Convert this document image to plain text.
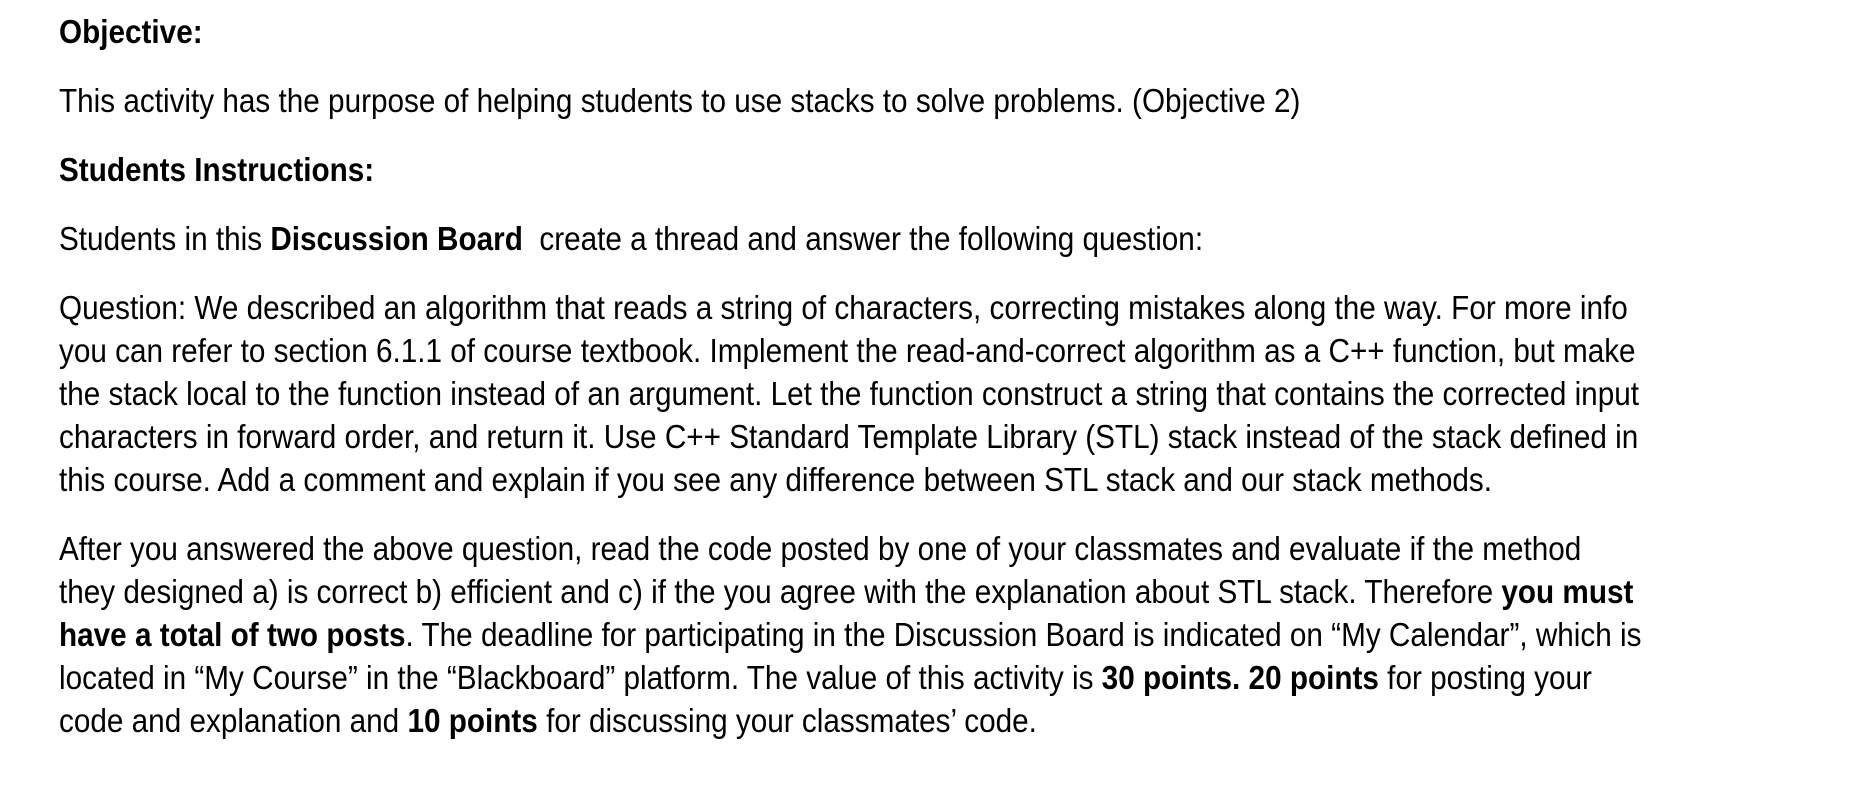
Objective:

This activity has the purpose of helping students to use stacks to solve problems. (Objective 2)

Students Instructions:

Students in this Discussion Board  create a thread and answer the following question:

Question: We described an algorithm that reads a string of characters, correcting mistakes along the way. For more info you can refer to section 6.1.1 of course textbook. Implement the read-and-correct algorithm as a C++ function, but make the stack local to the function instead of an argument. Let the function construct a string that contains the corrected input characters in forward order, and return it. Use C++ Standard Template Library (STL) stack instead of the stack defined in this course. Add a comment and explain if you see any difference between STL stack and our stack methods.

After you answered the above question, read the code posted by one of your classmates and evaluate if the method they designed a) is correct b) efficient and c) if the you agree with the explanation about STL stack. Therefore you must have a total of two posts. The deadline for participating in the Discussion Board is indicated on “My Calendar”, which is located in “My Course” in the “Blackboard” platform. The value of this activity is 30 points. 20 points for posting your code and explanation and 10 points for discussing your classmates’ code.
